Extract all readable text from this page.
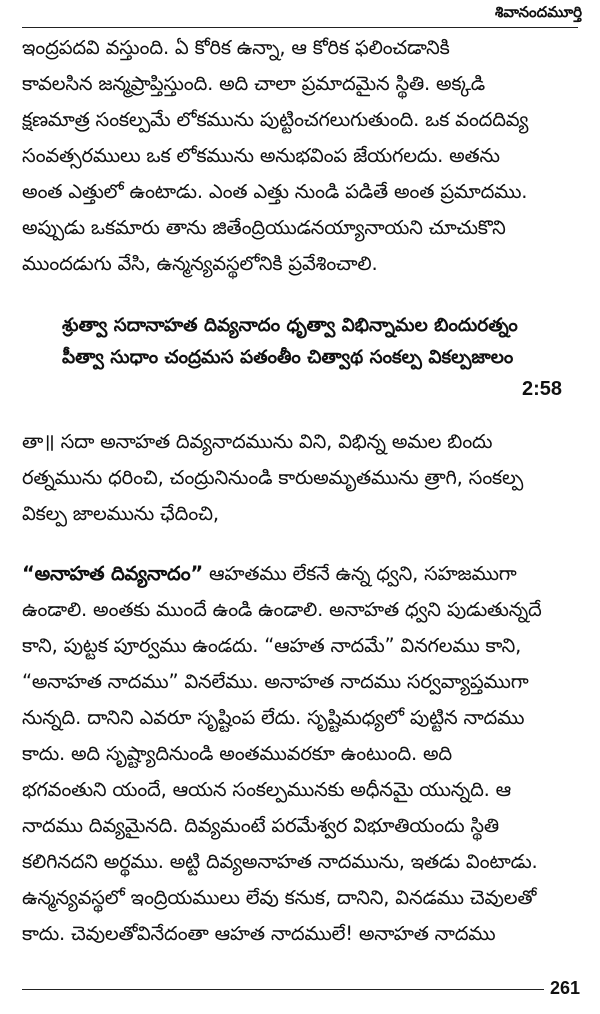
శివానందమూర్తి
ఇంద్రపదవి వస్తుంది. ఏ కోరిక ఉన్నా, ఆ కోరిక ఫలించడానికి
కావలసిన జన్మప్రాప్తిస్తుంది. అది చాలా ప్రమాదమైన స్థితి. అక్కడి
క్షణమాత్ర సంకల్పమే లోకమును పుట్టించగలుగుతుంది. ఒక వందదివ్య
సంవత్సరములు ఒక లోకమును అనుభవింప జేయగలదు. అతను
అంత ఎత్తులో ఉంటాడు. ఎంత ఎత్తు నుండి పడితే అంత ప్రమాదము.
అప్పుడు ఒకమారు తాను జితేంద్రియుడనయ్యానాయని చూచుకొని
ముందడుగు వేసి, ఉన్మన్యవస్థలోనికి ప్రవేశించాలి.
శ్రుత్వా సదానాహత దివ్యనాదం ధృత్వా విభిన్నామల బిందురత్నం
పీత్వా సుధాం చంద్రమస పతంతీం చిత్వాథ సంకల్ప వికల్పజాలం
2:58
తా॥ సదా అనాహత దివ్యనాదమును విని, విభిన్న అమల బిందు
రత్నమును ధరించి, చంద్రునినుండి కారుఅమృతమును త్రాగి, సంకల్ప
వికల్ప జాలమును ఛేదించి,
“అనాహత దివ్యనాదం” ఆహతము లేకనే ఉన్న ధ్వని, సహజముగా
ఉండాలి. అంతకు ముందే ఉండి ఉండాలి. అనాహత ధ్వని పుడుతున్నదే
కాని, పుట్టక పూర్వము ఉండదు. “ఆహత నాదమే” వినగలము కాని,
“అనాహత నాదము” వినలేము. అనాహత నాదము సర్వవ్యాప్తముగా
నున్నది. దానిని ఎవరూ సృష్టింప లేదు. సృష్టిమధ్యలో పుట్టిన నాదము
కాదు. అది సృష్ట్యాదినుండి అంతమువరకూ ఉంటుంది. అది
భగవంతుని యందే, ఆయన సంకల్పమునకు అధీనమై యున్నది. ఆ
నాదము దివ్యమైనది. దివ్యమంటే పరమేశ్వర విభూతియందు స్థితి
కలిగినదని అర్థము. అట్టి దివ్యఅనాహత నాదమును, ఇతడు వింటాడు.
ఉన్మన్యవస్థలో ఇంద్రియములు లేవు కనుక, దానిని, వినడము చెవులతో
కాదు. చెవులతోవినేదంతా ఆహత నాదములే! అనాహత నాదము
261
